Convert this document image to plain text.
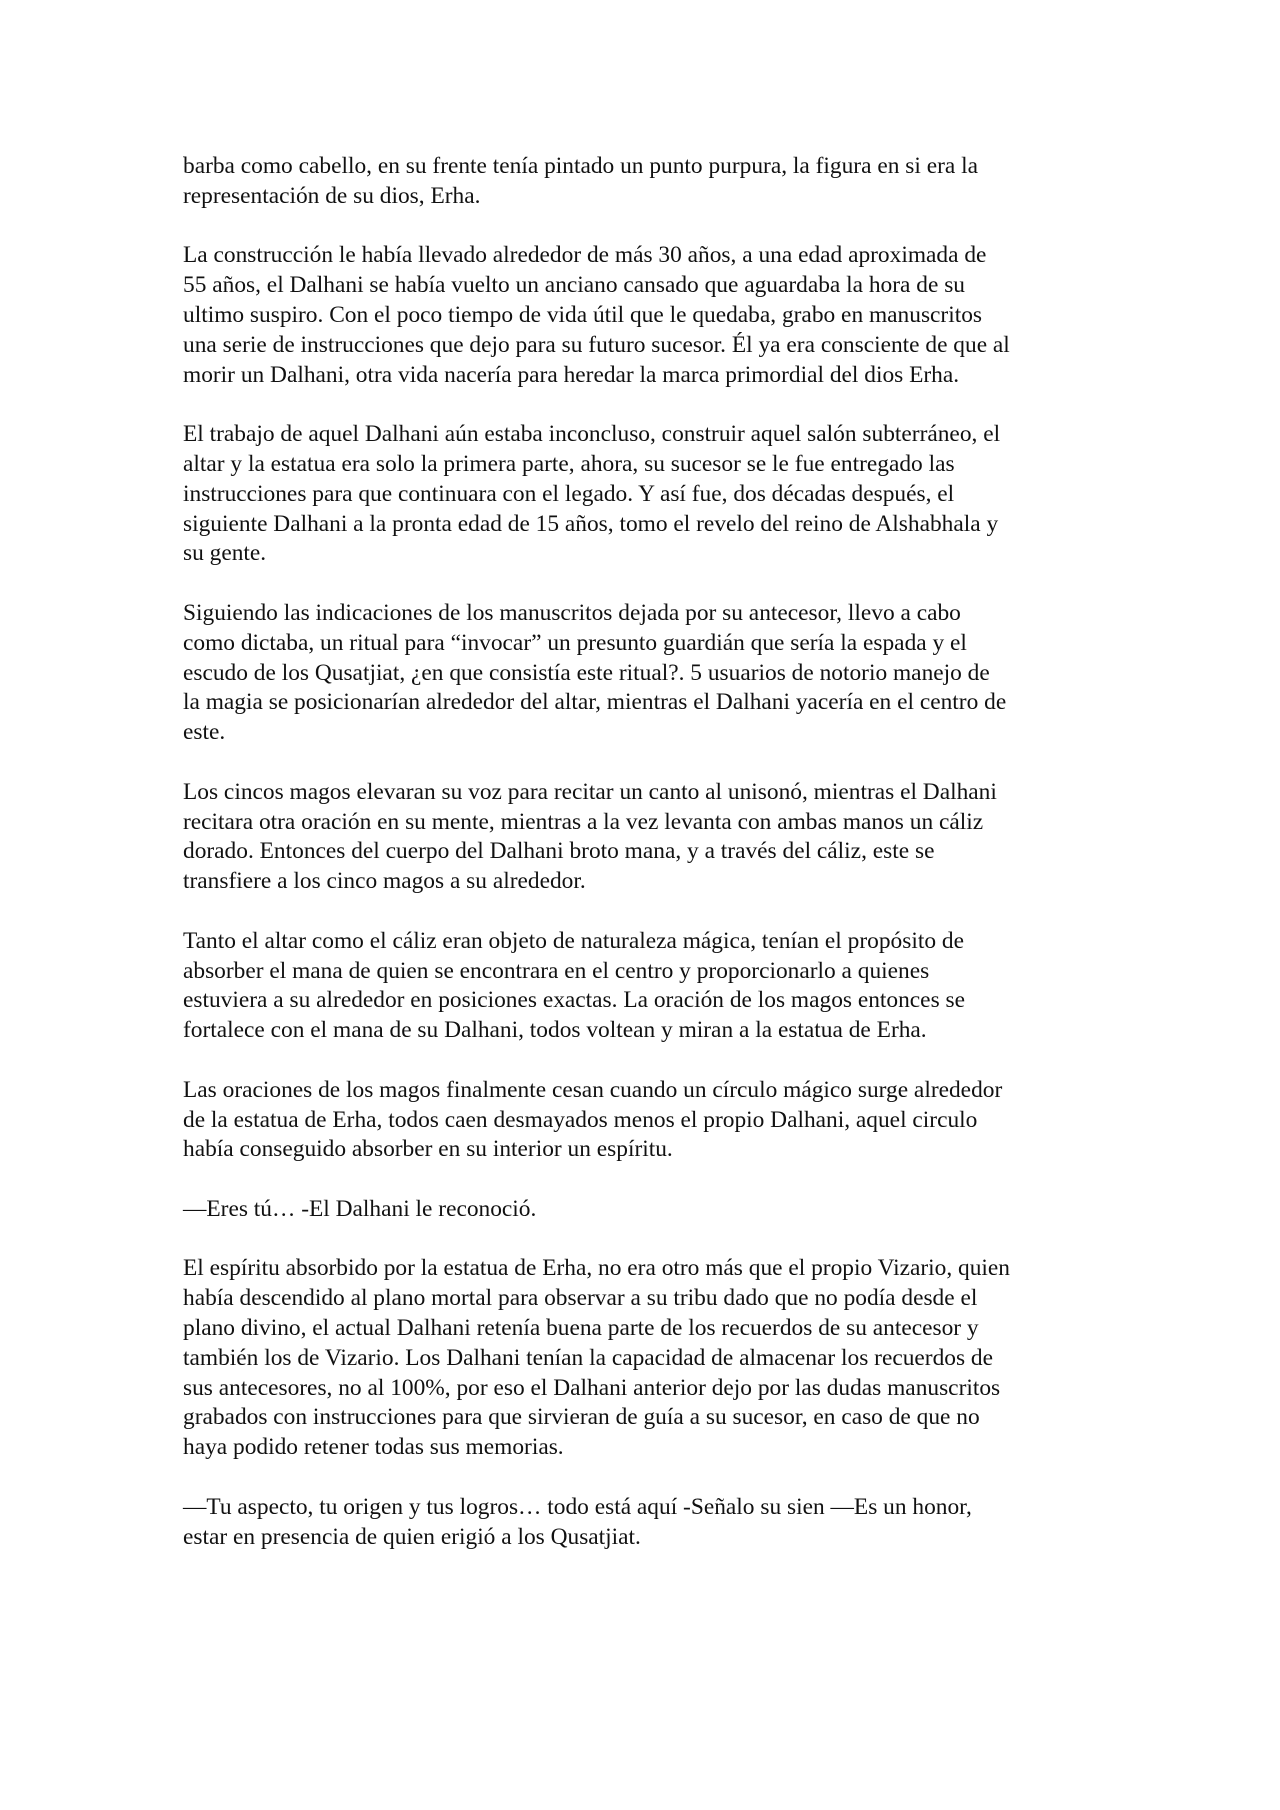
barba como cabello, en su frente tenía pintado un punto purpura, la figura en si era la
representación de su dios, Erha.

La construcción le había llevado alrededor de más 30 años, a una edad aproximada de
55 años, el Dalhani se había vuelto un anciano cansado que aguardaba la hora de su
ultimo suspiro. Con el poco tiempo de vida útil que le quedaba, grabo en manuscritos
una serie de instrucciones que dejo para su futuro sucesor. Él ya era consciente de que al
morir un Dalhani, otra vida nacería para heredar la marca primordial del dios Erha.

El trabajo de aquel Dalhani aún estaba inconcluso, construir aquel salón subterráneo, el
altar y la estatua era solo la primera parte, ahora, su sucesor se le fue entregado las
instrucciones para que continuara con el legado. Y así fue, dos décadas después, el
siguiente Dalhani a la pronta edad de 15 años, tomo el revelo del reino de Alshabhala y
su gente.

Siguiendo las indicaciones de los manuscritos dejada por su antecesor, llevo a cabo
como dictaba, un ritual para “invocar” un presunto guardián que sería la espada y el
escudo de los Qusatjiat, ¿en que consistía este ritual?. 5 usuarios de notorio manejo de
la magia se posicionarían alrededor del altar, mientras el Dalhani yacería en el centro de
este.

Los cincos magos elevaran su voz para recitar un canto al unisonó, mientras el Dalhani
recitara otra oración en su mente, mientras a la vez levanta con ambas manos un cáliz
dorado. Entonces del cuerpo del Dalhani broto mana, y a través del cáliz, este se
transfiere a los cinco magos a su alrededor.

Tanto el altar como el cáliz eran objeto de naturaleza mágica, tenían el propósito de
absorber el mana de quien se encontrara en el centro y proporcionarlo a quienes
estuviera a su alrededor en posiciones exactas. La oración de los magos entonces se
fortalece con el mana de su Dalhani, todos voltean y miran a la estatua de Erha.

Las oraciones de los magos finalmente cesan cuando un círculo mágico surge alrededor
de la estatua de Erha, todos caen desmayados menos el propio Dalhani, aquel circulo
había conseguido absorber en su interior un espíritu.

—Eres tú… -El Dalhani le reconoció.

El espíritu absorbido por la estatua de Erha, no era otro más que el propio Vizario, quien
había descendido al plano mortal para observar a su tribu dado que no podía desde el
plano divino, el actual Dalhani retenía buena parte de los recuerdos de su antecesor y
también los de Vizario. Los Dalhani tenían la capacidad de almacenar los recuerdos de
sus antecesores, no al 100%, por eso el Dalhani anterior dejo por las dudas manuscritos
grabados con instrucciones para que sirvieran de guía a su sucesor, en caso de que no
haya podido retener todas sus memorias.

—Tu aspecto, tu origen y tus logros… todo está aquí -Señalo su sien —Es un honor,
estar en presencia de quien erigió a los Qusatjiat.
